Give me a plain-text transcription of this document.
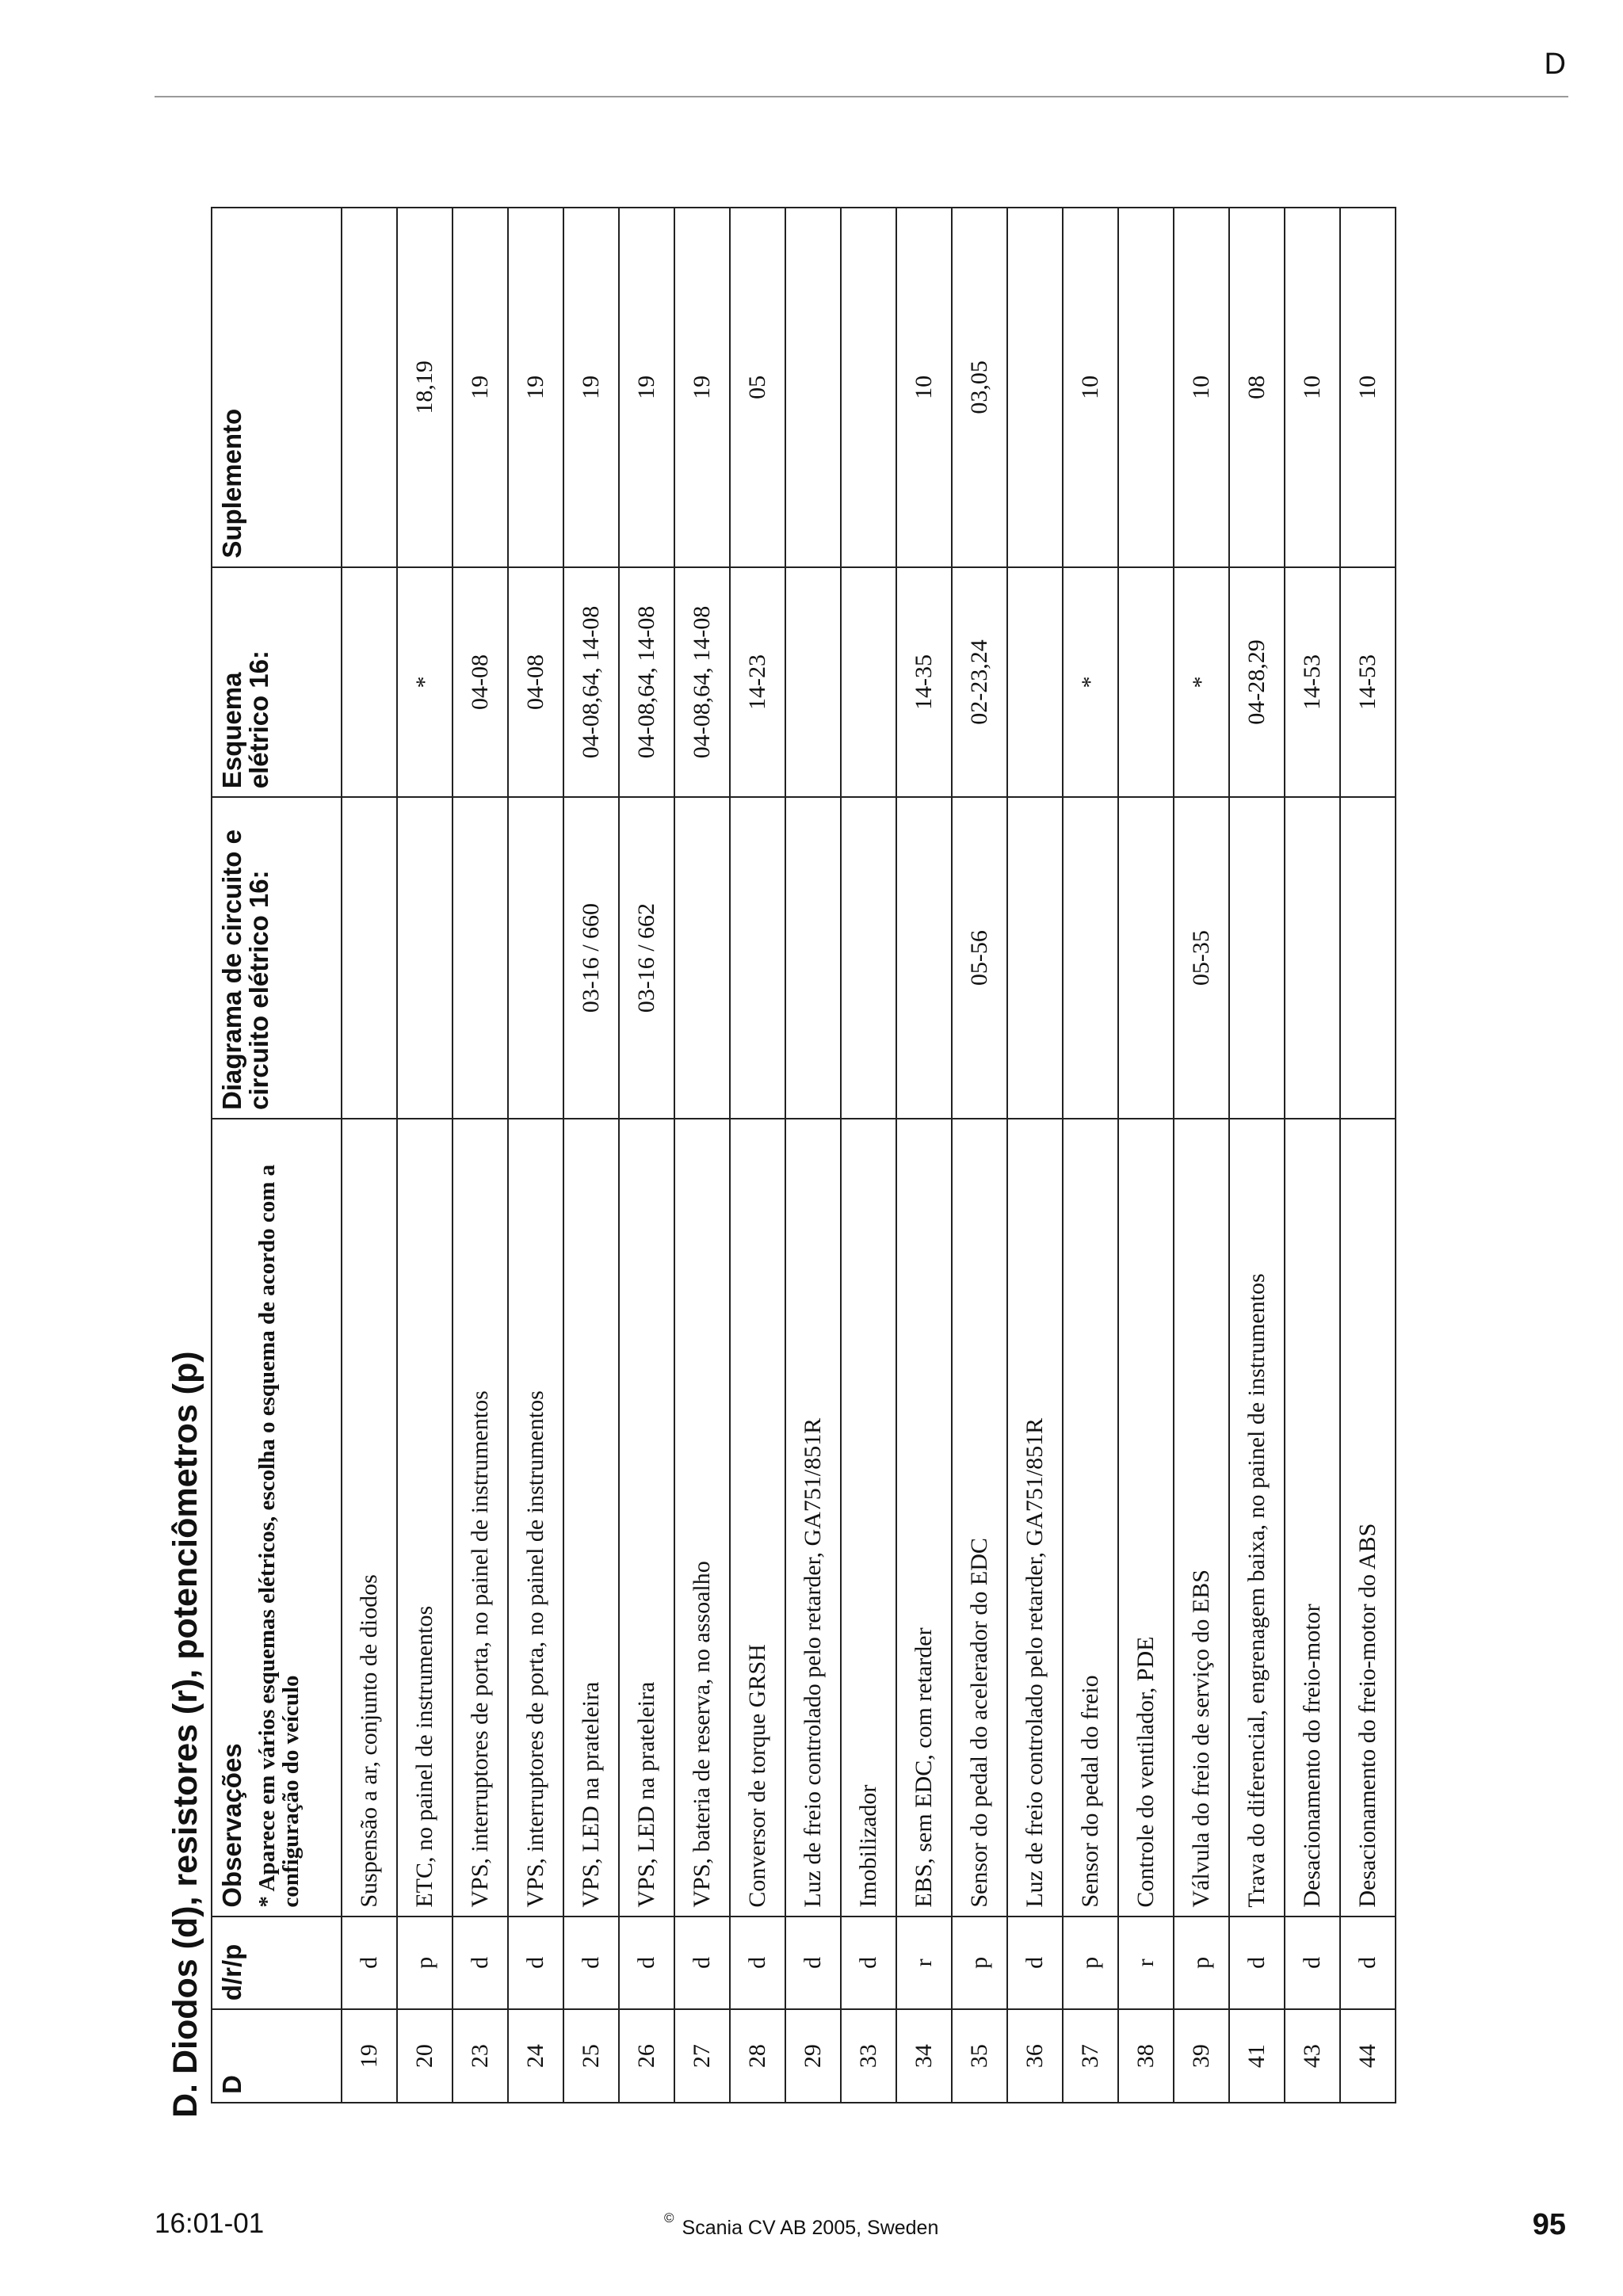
D
D. Diodos (d), resistores (r), potenciômetros (p) D	d/r/p	Observações * Aparece em vários esquemas elétricos, escolha o esquema de acordo com a configuração do veículo	Diagrama de circuito e circuito elétrico 16:	Esquema elétrico 16:	Suplemento
19	d	Suspensão a ar, conjunto de diodos			
20	p	ETC, no painel de instrumentos		*	18,19
23	d	VPS, interruptores de porta, no painel de instrumentos		04-08	19
24	d	VPS, interruptores de porta, no painel de instrumentos		04-08	19
25	d	VPS, LED na prateleira	03-16 / 660	04-08,64, 14-08	19
26	d	VPS, LED na prateleira	03-16 / 662	04-08,64, 14-08	19
27	d	VPS, bateria de reserva, no assoalho		04-08,64, 14-08	19
28	d	Conversor de torque GRSH		14-23	05
29	d	Luz de freio controlado pelo retarder, GA751/851R			
33	d	Imobilizador			
34	r	EBS, sem EDC, com retarder		14-35	10
35	p	Sensor do pedal do acelerador do EDC	05-56	02-23,24	03,05
36	d	Luz de freio controlado pelo retarder, GA751/851R			
37	p	Sensor do pedal do freio		*	10
38	r	Controle do ventilador, PDE			
39	p	Válvula do freio de serviço do EBS	05-35	*	10
41	d	Trava do diferencial, engrenagem baixa, no painel de instrumentos		04-28,29	08
43	d	Desacionamento do freio-motor		14-53	10
44	d	Desacionamento do freio-motor do ABS		14-53	10
16:01-01	© Scania CV AB 2005, Sweden	95
